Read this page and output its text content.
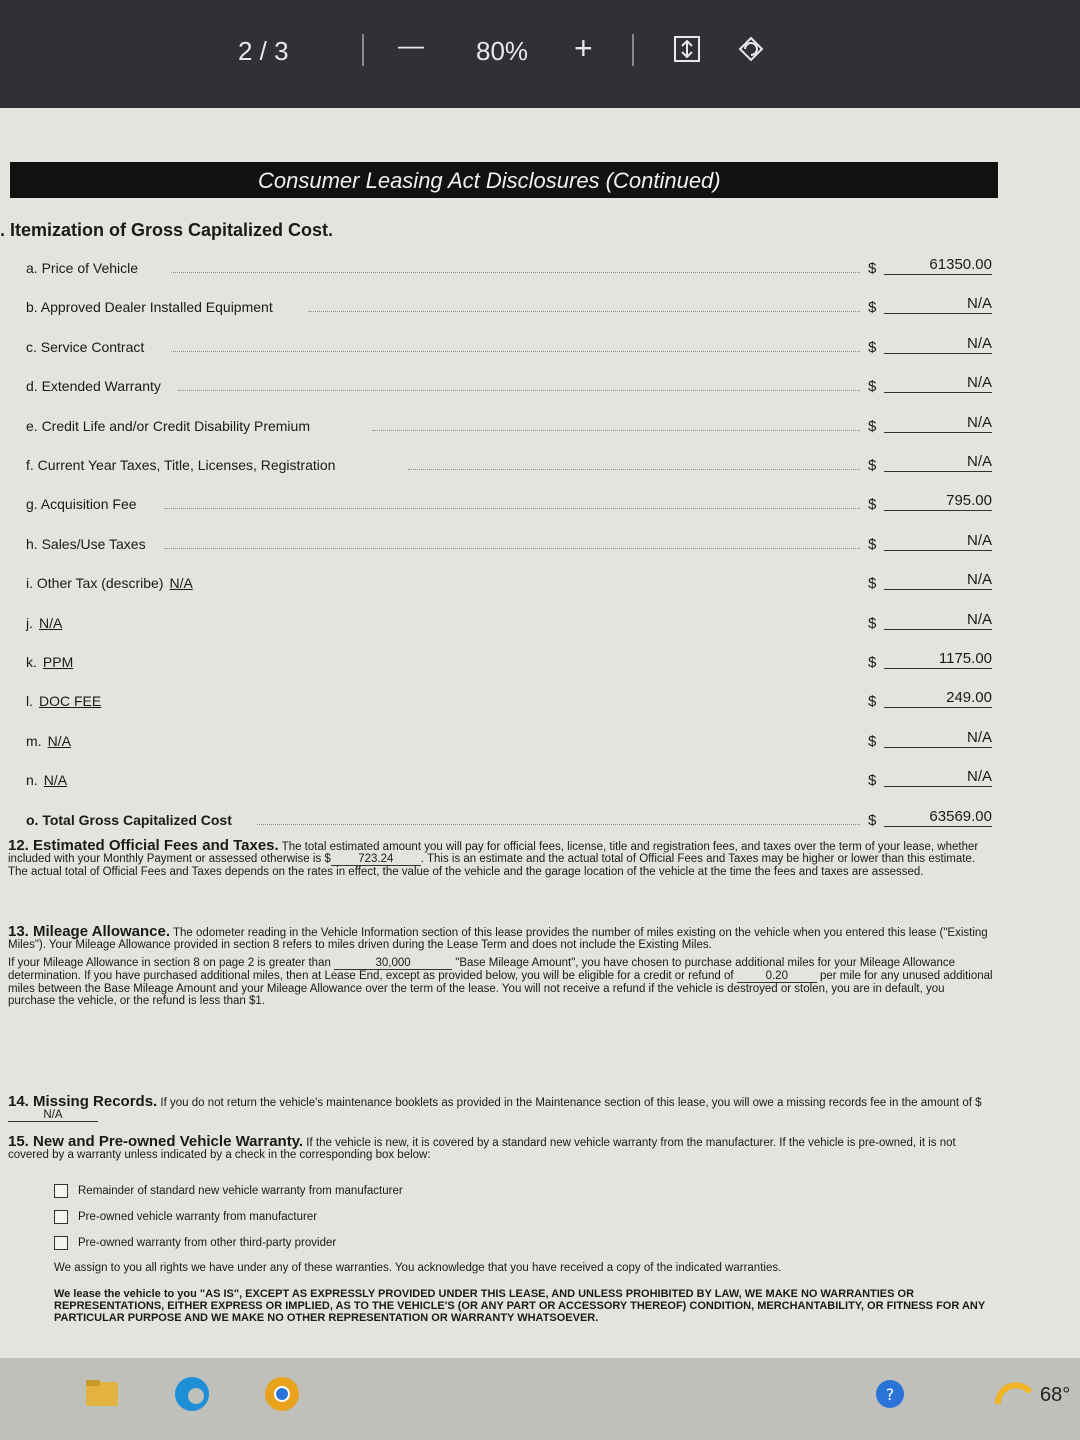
2 / 3	— 80% +
Consumer Leasing Act Disclosures (Continued)
. Itemization of Gross Capitalized Cost.
a. Price of Vehicle	$	61350.00
b. Approved Dealer Installed Equipment	$	N/A
c. Service Contract	$	N/A
d. Extended Warranty	$	N/A
e. Credit Life and/or Credit Disability Premium	$	N/A
f. Current Year Taxes, Title, Licenses, Registration	$	N/A
g. Acquisition Fee	$	795.00
h. Sales/Use Taxes	$	N/A
i. Other Tax (describe) N/A	$	N/A
j. N/A	$	N/A
k. PPM	$	1175.00
l. DOC FEE	$	249.00
m. N/A	$	N/A
n. N/A	$	N/A
o. Total Gross Capitalized Cost	$	63569.00
12. Estimated Official Fees and Taxes. The total estimated amount you will pay for official fees, license, title and registration fees, and taxes over the term of your lease, whether included with your Monthly Payment or assessed otherwise is $ 723.24 . This is an estimate and the actual total of Official Fees and Taxes may be higher or lower than this estimate. The actual total of Official Fees and Taxes depends on the rates in effect, the value of the vehicle and the garage location of the vehicle at the time the fees and taxes are assessed.
13. Mileage Allowance. The odometer reading in the Vehicle Information section of this lease provides the number of miles existing on the vehicle when you entered this lease ("Existing Miles"). Your Mileage Allowance provided in section 8 refers to miles driven during the Lease Term and does not include the Existing Miles.

If your Mileage Allowance in section 8 on page 2 is greater than	30,000	"Base Mileage Amount", you have chosen to purchase additional miles for your Mileage Allowance determination. If you have purchased additional miles, then at Lease End, except as provided below, you will be eligible for a credit or refund of	0.20	per mile for any unused additional miles between the Base Mileage Amount and your Mileage Allowance over the term of the lease. You will not receive a refund if the vehicle is destroyed or stolen, you are in default, you purchase the vehicle, or the refund is less than $1.
14. Missing Records. If you do not return the vehicle's maintenance booklets as provided in the Maintenance section of this lease, you will owe a missing records fee in the amount of $N/A
15. New and Pre-owned Vehicle Warranty. If the vehicle is new, it is covered by a standard new vehicle warranty from the manufacturer. If the vehicle is pre-owned, it is not covered by a warranty unless indicated by a check in the corresponding box below:
Remainder of standard new vehicle warranty from manufacturer
Pre-owned vehicle warranty from manufacturer
Pre-owned warranty from other third-party provider
We assign to you all rights we have under any of these warranties. You acknowledge that you have received a copy of the indicated warranties.
We lease the vehicle to you "AS IS", EXCEPT AS EXPRESSLY PROVIDED UNDER THIS LEASE, AND UNLESS PROHIBITED BY LAW, WE MAKE NO WARRANTIES OR REPRESENTATIONS, EITHER EXPRESS OR IMPLIED, AS TO THE VEHICLE'S (OR ANY PART OR ACCESSORY THEREOF) CONDITION, MERCHANTABILITY, OR FITNESS FOR ANY PARTICULAR PURPOSE AND WE MAKE NO OTHER REPRESENTATION OR WARRANTY WHATSOEVER.
?	68°
